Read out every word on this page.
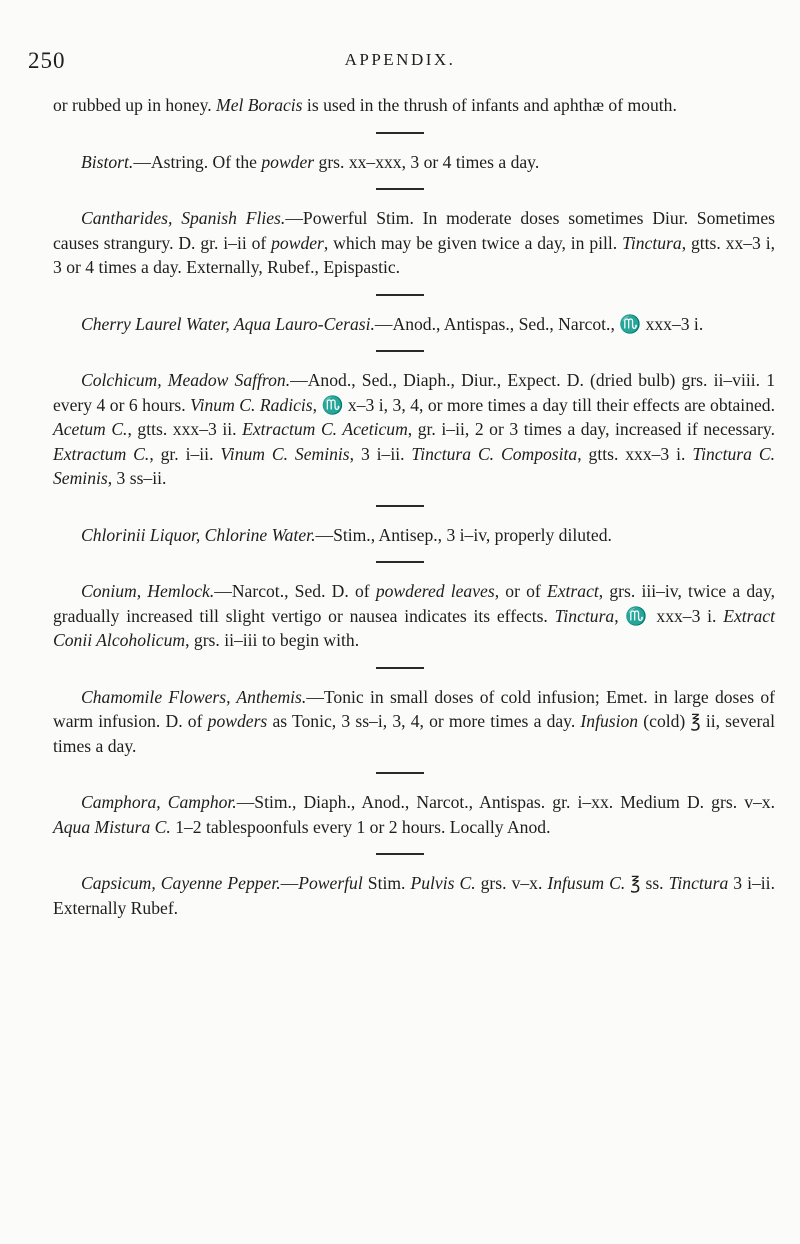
250	APPENDIX.

or rubbed up in honey. Mel Boracis is used in the thrush of infants and aphthæ of mouth.

Bistort.—Astring. Of the powder grs. xx–xxx, 3 or 4 times a day.

Cantharides, Spanish Flies.—Powerful Stim. In moderate doses sometimes Diur. Sometimes causes strangury. D. gr. i–ii of powder, which may be given twice a day, in pill. Tinctura, gtts. xx–3 i, 3 or 4 times a day. Externally, Rubef., Epispastic.

Cherry Laurel Water, Aqua Lauro-Cerasi.—Anod., Antispas., Sed., Narcot., ♏ xxx–3 i.

Colchicum, Meadow Saffron.—Anod., Sed., Diaph., Diur., Expect. D. (dried bulb) grs. ii–viii. 1 every 4 or 6 hours. Vinum C. Radicis, ♏ x–3 i, 3, 4, or more times a day till their effects are obtained. Acetum C., gtts. xxx–3 ii. Extractum C. Aceticum, gr. i–ii, 2 or 3 times a day, increased if necessary. Extractum C., gr. i–ii. Vinum C. Seminis, 3 i–ii. Tinctura C. Composita, gtts. xxx–3 i. Tinctura C. Seminis, 3 ss–ii.

Chlorinii Liquor, Chlorine Water.—Stim., Antisep., 3 i–iv, properly diluted.

Conium, Hemlock.—Narcot., Sed. D. of powdered leaves, or of Extract, grs. iii–iv, twice a day, gradually increased till slight vertigo or nausea indicates its effects. Tinctura, ♏ xxx–3 i. Extract Conii Alcoholicum, grs. ii–iii to begin with.

Chamomile Flowers, Anthemis.—Tonic in small doses of cold infusion; Emet. in large doses of warm infusion. D. of powders as Tonic, 3 ss–i, 3, 4, or more times a day. Infusion (cold) ℥ ii, several times a day.

Camphora, Camphor.—Stim., Diaph., Anod., Narcot., Antispas. gr. i–xx. Medium D. grs. v–x. Aqua Mistura C. 1–2 tablespoonfuls every 1 or 2 hours. Locally Anod.

Capsicum, Cayenne Pepper.—Powerful Stim. Pulvis C. grs. v–x. Infusum C. ℥ ss. Tinctura 3 i–ii. Externally Rubef.
